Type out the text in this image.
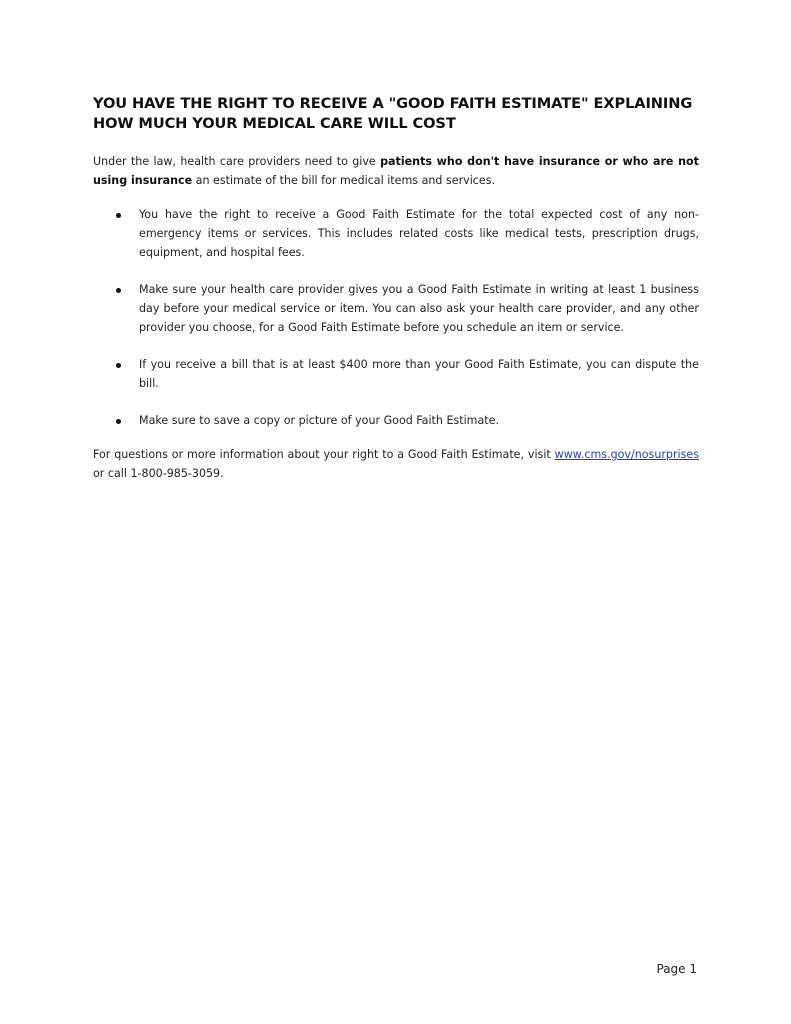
YOU HAVE THE RIGHT TO RECEIVE A "GOOD FAITH ESTIMATE" EXPLAINING HOW MUCH YOUR MEDICAL CARE WILL COST

Under the law, health care providers need to give patients who don't have insurance or who are not using insurance an estimate of the bill for medical items and services.

You have the right to receive a Good Faith Estimate for the total expected cost of any non-emergency items or services. This includes related costs like medical tests, prescription drugs, equipment, and hospital fees.
Make sure your health care provider gives you a Good Faith Estimate in writing at least 1 business day before your medical service or item. You can also ask your health care provider, and any other provider you choose, for a Good Faith Estimate before you schedule an item or service.
If you receive a bill that is at least $400 more than your Good Faith Estimate, you can dispute the bill.
Make sure to save a copy or picture of your Good Faith Estimate.

For questions or more information about your right to a Good Faith Estimate, visit www.cms.gov/nosurprises or call 1-800-985-3059.

Page 1
